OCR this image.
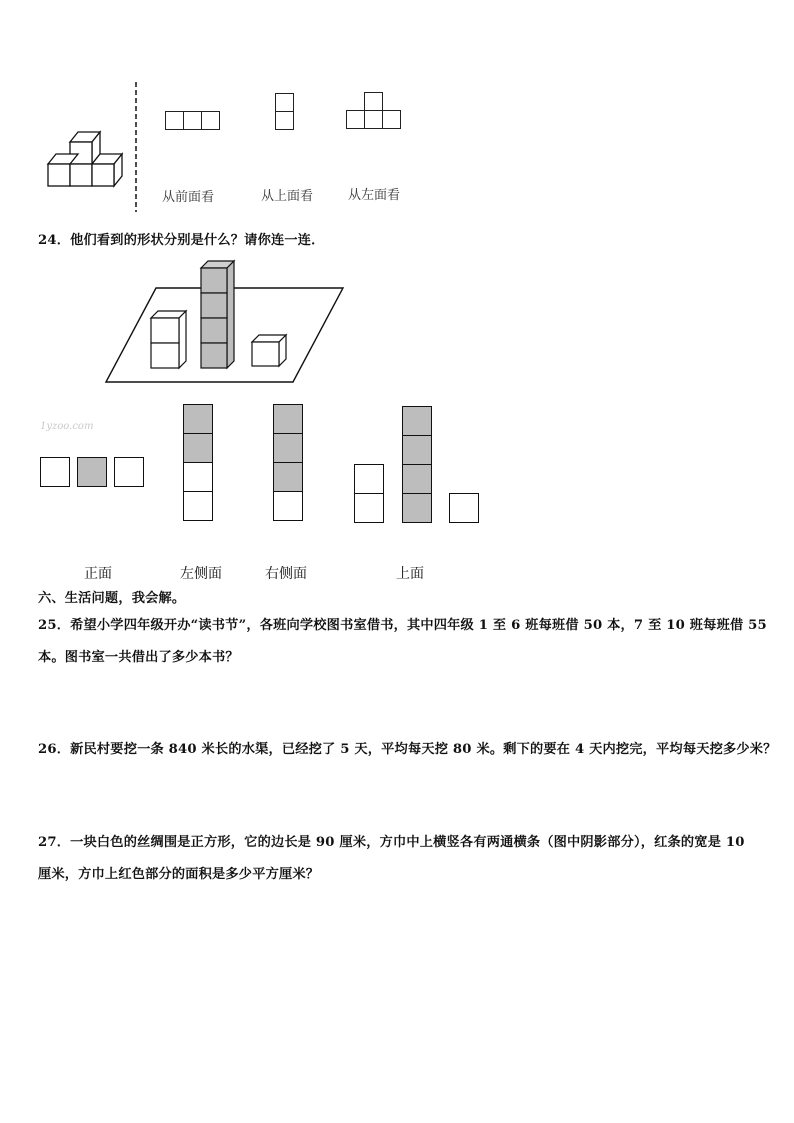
从前面看	从上面看	从左面看
24．他们看到的形状分别是什么？请你连一连．
1yzoo.com
正面	左侧面	右侧面	上面
六、生活问题，我会解。
25．希望小学四年级开办“读书节”，各班向学校图书室借书，其中四年级 1 至 6 班每班借 50 本，7 至 10 班每班借 55
本。图书室一共借出了多少本书？
26．新民村要挖一条 840 米长的水渠，已经挖了 5 天，平均每天挖 80 米。剩下的要在 4 天内挖完，平均每天挖多少米？
27．一块白色的丝绸围是正方形，它的边长是 90 厘米，方巾中上横竖各有两通横条（图中阴影部分），红条的宽是 10
厘米，方巾上红色部分的面积是多少平方厘米？
